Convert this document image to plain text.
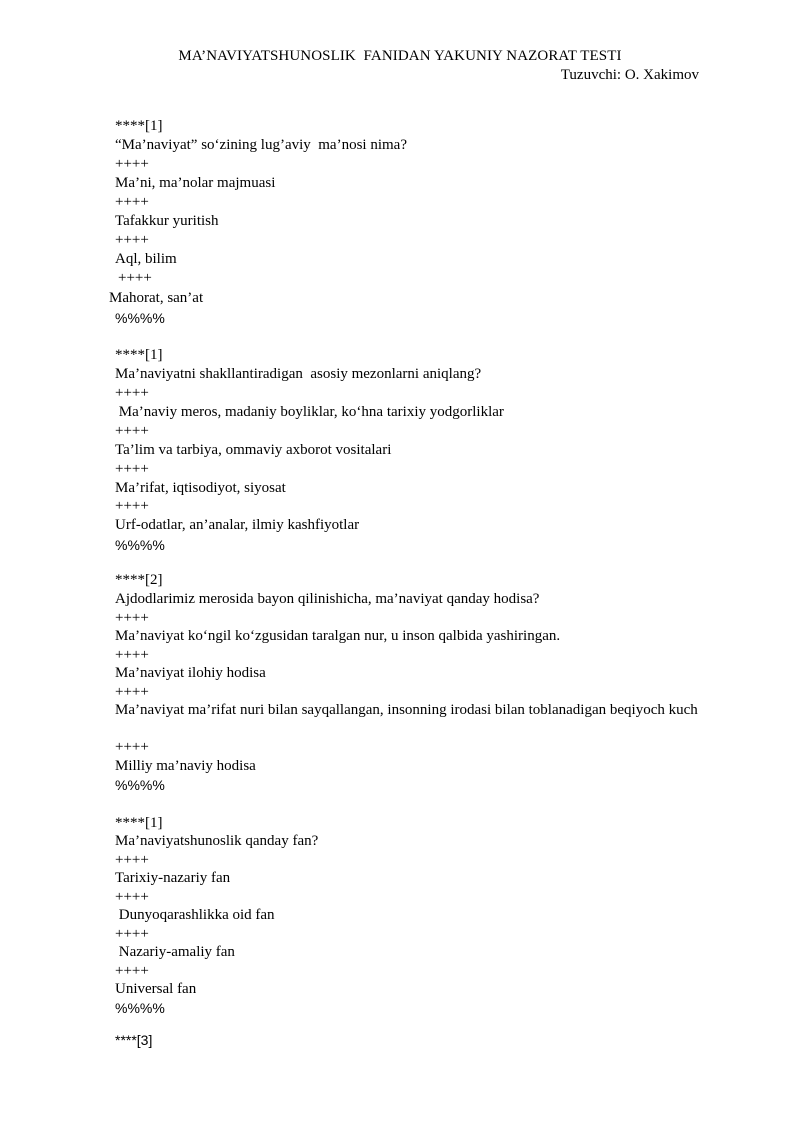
MA’NAVIYATSHUNOSLIK  FANIDAN YAKUNIY NAZORAT TESTI
Tuzuvchi: O. Xakimov
****[1]
“Ma’naviyat” so‘zining lug’aviy  ma’nosi nima?
++++
Ma’ni, ma’nolar majmuasi
++++
Tafakkur yuritish
++++
Aql, bilim
++++
Mahorat, san’at
%%%%
****[1]
Ma’naviyatni shakllantiradigan  asosiy mezonlarni aniqlang?
++++
Ma’naviy meros, madaniy boyliklar, ko‘hna tarixiy yodgorliklar
++++
Ta’lim va tarbiya, ommaviy axborot vositalari
++++
Ma’rifat, iqtisodiyot, siyosat
++++
Urf-odatlar, an’analar, ilmiy kashfiyotlar
%%%%
****[2]
Ajdodlarimiz merosida bayon qilinishicha, ma’naviyat qanday hodisa?
++++
Ma’naviyat ko‘ngil ko‘zgusidan taralgan nur, u inson qalbida yashiringan.
++++
Ma’naviyat ilohiy hodisa
++++
Ma’naviyat ma’rifat nuri bilan sayqallangan, insonning irodasi bilan toblanadigan beqiyoch kuch
++++
Milliy ma’naviy hodisa
%%%%
****[1]
Ma’naviyatshunoslik qanday fan?
++++
Tarixiy-nazariy fan
++++
Dunyoqarashlikka oid fan
++++
Nazariy-amaliy fan
++++
Universal fan
%%%%
****[3]
